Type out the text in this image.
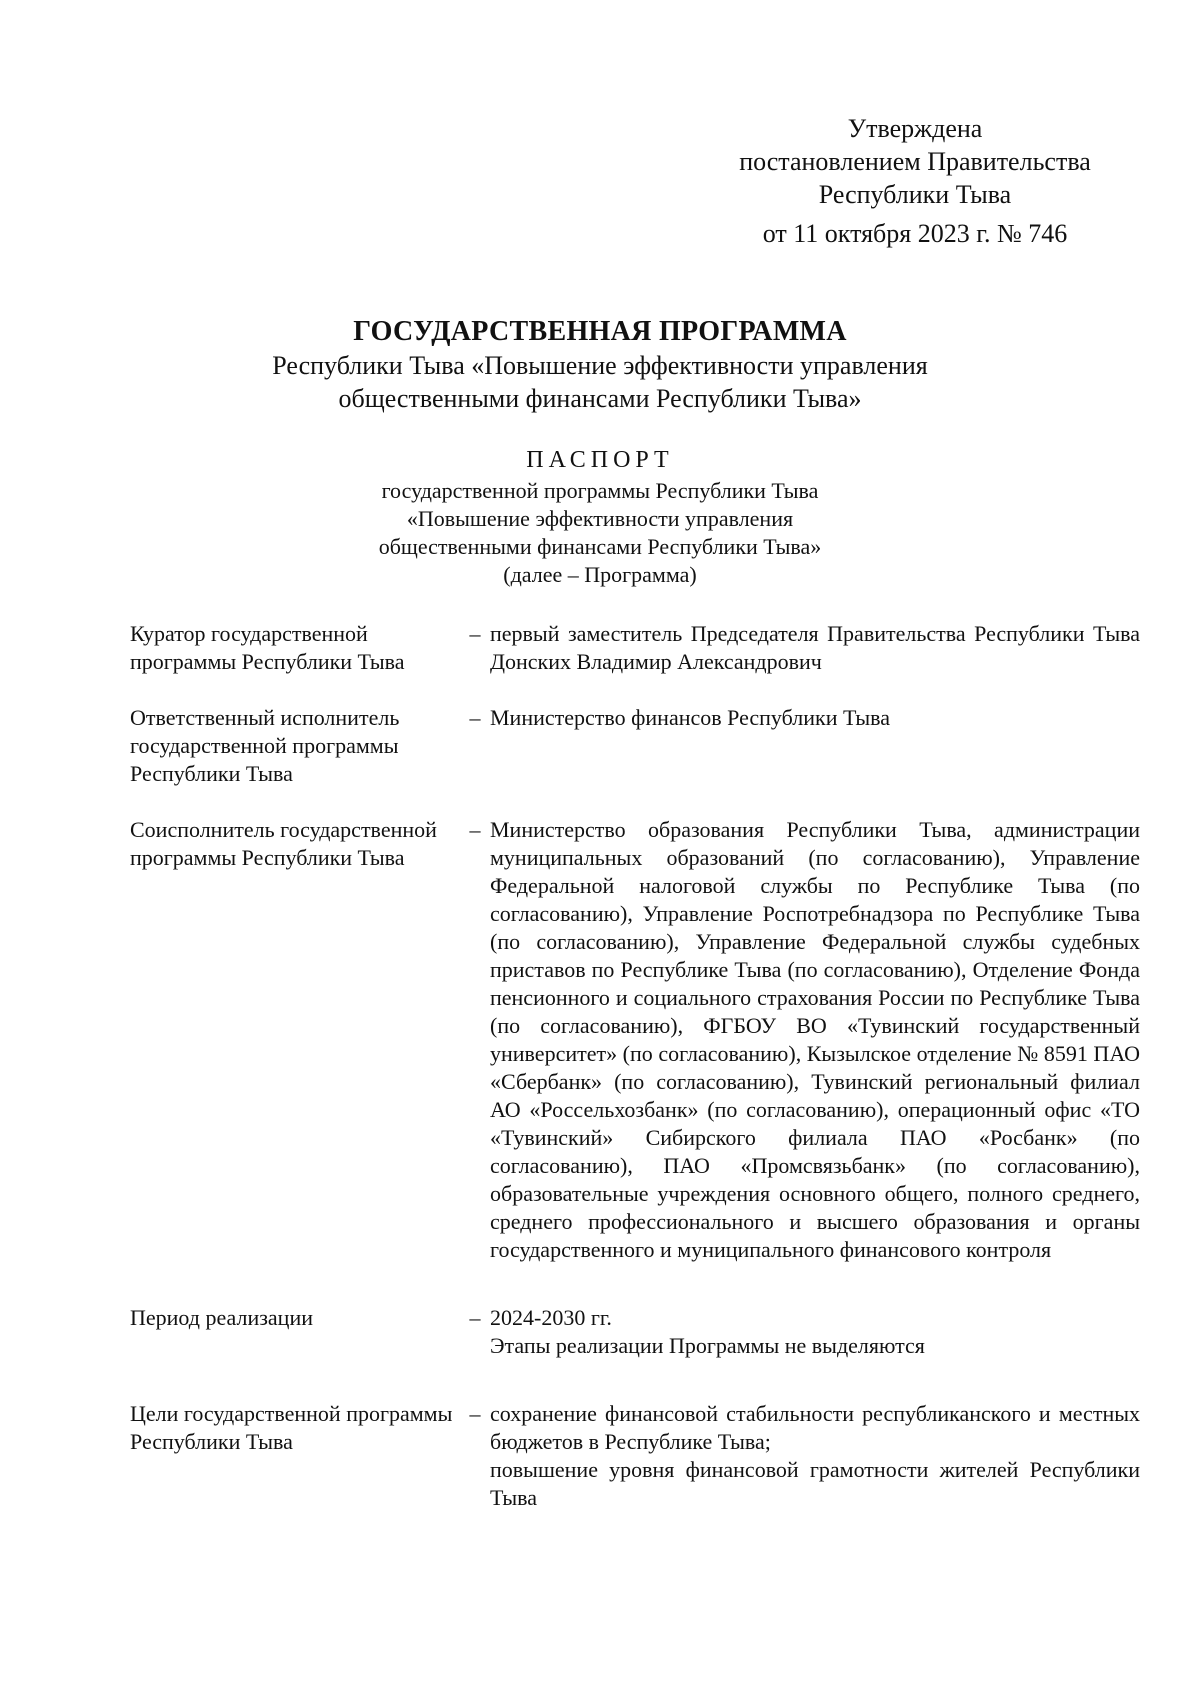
Утверждена
постановлением Правительства
Республики Тыва
от 11 октября 2023 г. № 746
ГОСУДАРСТВЕННАЯ ПРОГРАММА
Республики Тыва «Повышение эффективности управления
общественными финансами Республики Тыва»
ПАСПОРТ
государственной программы Республики Тыва
«Повышение эффективности управления
общественными финансами Республики Тыва»
(далее – Программа)
Куратор государственной программы Республики Тыва
– первый заместитель Председателя Правительства Республики Тыва Донских Владимир Александрович

Ответственный исполнитель государственной программы Республики Тыва
– Министерство финансов Республики Тыва

Соисполнитель государственной программы Республики Тыва
– Министерство образования Республики Тыва, администрации муниципальных образований (по согласованию), Управление Федеральной налоговой службы по Республике Тыва (по согласованию), Управление Роспотребнадзора по Республике Тыва (по согласованию), Управление Федеральной службы судебных приставов по Республике Тыва (по согласованию), Отделение Фонда пенсионного и социального страхования России по Республике Тыва (по согласованию), ФГБОУ ВО «Тувинский государственный университет» (по согласованию), Кызылское отделение № 8591 ПАО «Сбербанк» (по согласованию), Тувинский региональный филиал АО «Россельхозбанк» (по согласованию), операционный офис «ТО «Тувинский» Сибирского филиала ПАО «Росбанк» (по согласованию), ПАО «Промсвязьбанк» (по согласованию), образовательные учреждения основного общего, полного среднего, среднего профессионального и высшего образования и органы государственного и муниципального финансового контроля

Период реализации	– 2024-2030 гг.

Этапы реализации Программы не выделяются

Цели государственной программы Республики Тыва
– сохранение финансовой стабильности республиканского и местных бюджетов в Республике Тыва;

повышение уровня финансовой грамотности жителей Республики Тыва
